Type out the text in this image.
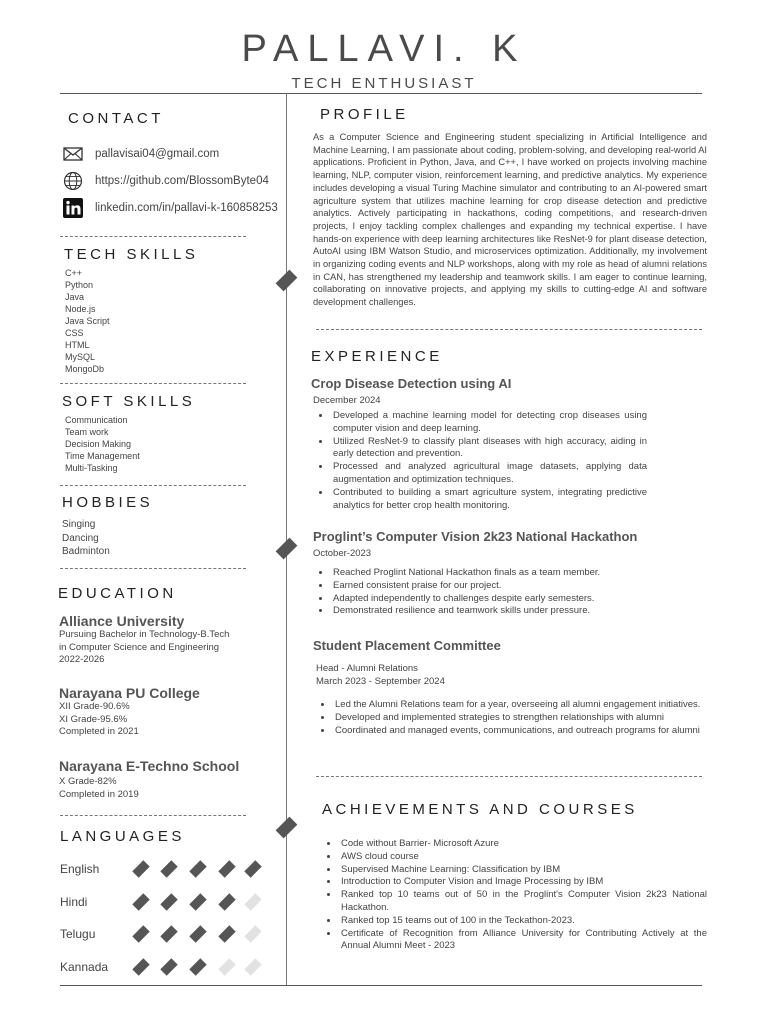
PALLAVI. K
TECH ENTHUSIAST
CONTACT
pallavisai04@gmail.com
https://github.com/BlossomByte04
linkedin.com/in/pallavi-k-160858253
TECH SKILLS
C++
Python
Java
Node.js
Java Script
CSS
HTML
MySQL
MongoDb
SOFT SKILLS
Communication
Team work
Decision Making
Time Management
Multi-Tasking
HOBBIES
Singing
Dancing
Badminton
EDUCATION
Alliance University
Pursuing Bachelor in Technology-B.Tech
in Computer Science and Engineering
2022-2026
Narayana PU College
XII Grade-90.6%
XI Grade-95.6%
Completed in 2021
Narayana E-Techno School
X Grade-82%
Completed in 2019
LANGUAGES
English
Hindi
Telugu
Kannada
PROFILE
As a Computer Science and Engineering student specializing in Artificial Intelligence and Machine Learning, I am passionate about coding, problem-solving, and developing real-world AI applications. Proficient in Python, Java, and C++, I have worked on projects involving machine learning, NLP, computer vision, reinforcement learning, and predictive analytics. My experience includes developing a visual Turing Machine simulator and contributing to an AI-powered smart agriculture system that utilizes machine learning for crop disease detection and predictive analytics. Actively participating in hackathons, coding competitions, and research-driven projects, I enjoy tackling complex challenges and expanding my technical expertise. I have hands-on experience with deep learning architectures like ResNet-9 for plant disease detection, AutoAI using IBM Watson Studio, and microservices optimization. Additionally, my involvement in organizing coding events and NLP workshops, along with my role as head of alumni relations in CAN, has strengthened my leadership and teamwork skills. I am eager to continue learning, collaborating on innovative projects, and applying my skills to cutting-edge AI and software development challenges.
EXPERIENCE
Crop Disease Detection using AI
December 2024
• Developed a machine learning model for detecting crop diseases using computer vision and deep learning.
• Utilized ResNet-9 to classify plant diseases with high accuracy, aiding in early detection and prevention.
• Processed and analyzed agricultural image datasets, applying data augmentation and optimization techniques.
• Contributed to building a smart agriculture system, integrating predictive analytics for better crop health monitoring.
Proglint’s Computer Vision 2k23 National Hackathon
October-2023
• Reached Proglint National Hackathon finals as a team member.
• Earned consistent praise for our project.
• Adapted independently to challenges despite early semesters.
• Demonstrated resilience and teamwork skills under pressure.
Student Placement Committee
Head - Alumni Relations
March 2023 - September 2024
• Led the Alumni Relations team for a year, overseeing all alumni engagement initiatives.
• Developed and implemented strategies to strengthen relationships with alumni
• Coordinated and managed events, communications, and outreach programs for alumni
ACHIEVEMENTS AND COURSES
• Code without Barrier- Microsoft Azure
• AWS cloud course
• Supervised Machine Learning: Classification by IBM
• Introduction to Computer Vision and Image Processing by IBM
• Ranked top 10 teams out of 50 in the Proglint's Computer Vision 2k23 National Hackathon.
• Ranked top 15 teams out of 100 in the Teckathon-2023.
• Certificate of Recognition from Alliance University for Contributing Actively at the Annual Alumni Meet - 2023
